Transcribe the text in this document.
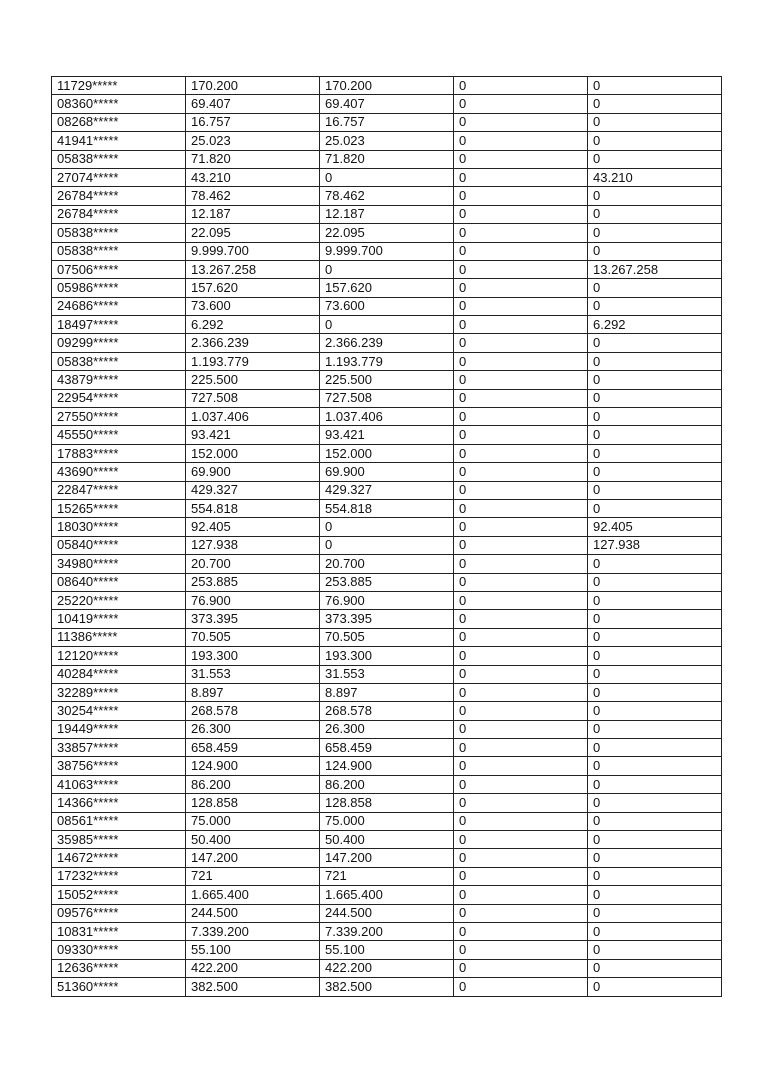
11729*****	170.200	170.200	0	0
08360*****	69.407	69.407	0	0
08268*****	16.757	16.757	0	0
41941*****	25.023	25.023	0	0
05838*****	71.820	71.820	0	0
27074*****	43.210	0	0	43.210
26784*****	78.462	78.462	0	0
26784*****	12.187	12.187	0	0
05838*****	22.095	22.095	0	0
05838*****	9.999.700	9.999.700	0	0
07506*****	13.267.258	0	0	13.267.258
05986*****	157.620	157.620	0	0
24686*****	73.600	73.600	0	0
18497*****	6.292	0	0	6.292
09299*****	2.366.239	2.366.239	0	0
05838*****	1.193.779	1.193.779	0	0
43879*****	225.500	225.500	0	0
22954*****	727.508	727.508	0	0
27550*****	1.037.406	1.037.406	0	0
45550*****	93.421	93.421	0	0
17883*****	152.000	152.000	0	0
43690*****	69.900	69.900	0	0
22847*****	429.327	429.327	0	0
15265*****	554.818	554.818	0	0
18030*****	92.405	0	0	92.405
05840*****	127.938	0	0	127.938
34980*****	20.700	20.700	0	0
08640*****	253.885	253.885	0	0
25220*****	76.900	76.900	0	0
10419*****	373.395	373.395	0	0
11386*****	70.505	70.505	0	0
12120*****	193.300	193.300	0	0
40284*****	31.553	31.553	0	0
32289*****	8.897	8.897	0	0
30254*****	268.578	268.578	0	0
19449*****	26.300	26.300	0	0
33857*****	658.459	658.459	0	0
38756*****	124.900	124.900	0	0
41063*****	86.200	86.200	0	0
14366*****	128.858	128.858	0	0
08561*****	75.000	75.000	0	0
35985*****	50.400	50.400	0	0
14672*****	147.200	147.200	0	0
17232*****	721	721	0	0
15052*****	1.665.400	1.665.400	0	0
09576*****	244.500	244.500	0	0
10831*****	7.339.200	7.339.200	0	0
09330*****	55.100	55.100	0	0
12636*****	422.200	422.200	0	0
51360*****	382.500	382.500	0	0
